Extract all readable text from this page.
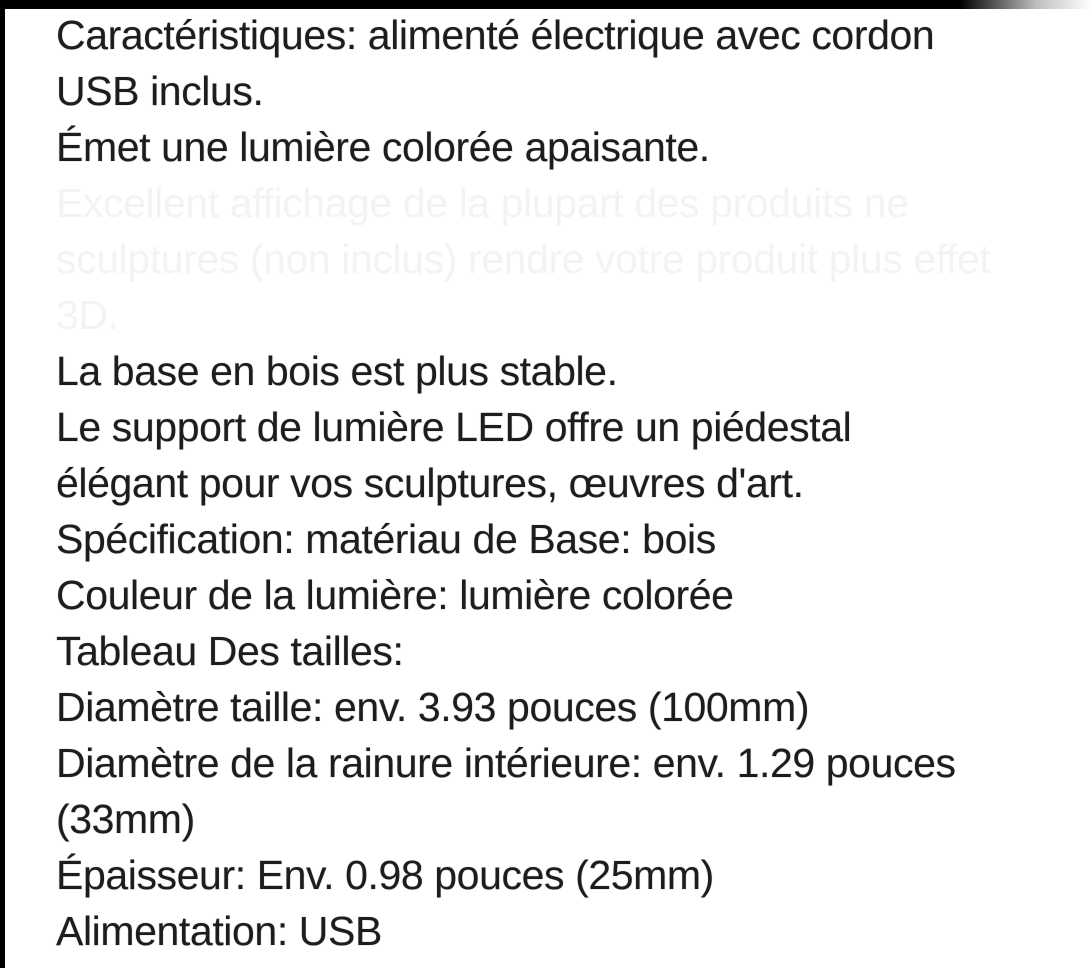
Caractéristiques: alimenté électrique avec cordon
USB inclus.
Émet une lumière colorée apaisante.
Excellent affichage de la plupart des produits ne
sculptures (non inclus) rendre votre produit plus effet
3D.
La base en bois est plus stable.
Le support de lumière LED offre un piédestal
élégant pour vos sculptures, œuvres d'art.
Spécification: matériau de Base: bois
Couleur de la lumière: lumière colorée
Tableau Des tailles:
Diamètre taille: env. 3.93 pouces (100mm)
Diamètre de la rainure intérieure: env. 1.29 pouces
(33mm)
Épaisseur: Env. 0.98 pouces (25mm)
Alimentation: USB
